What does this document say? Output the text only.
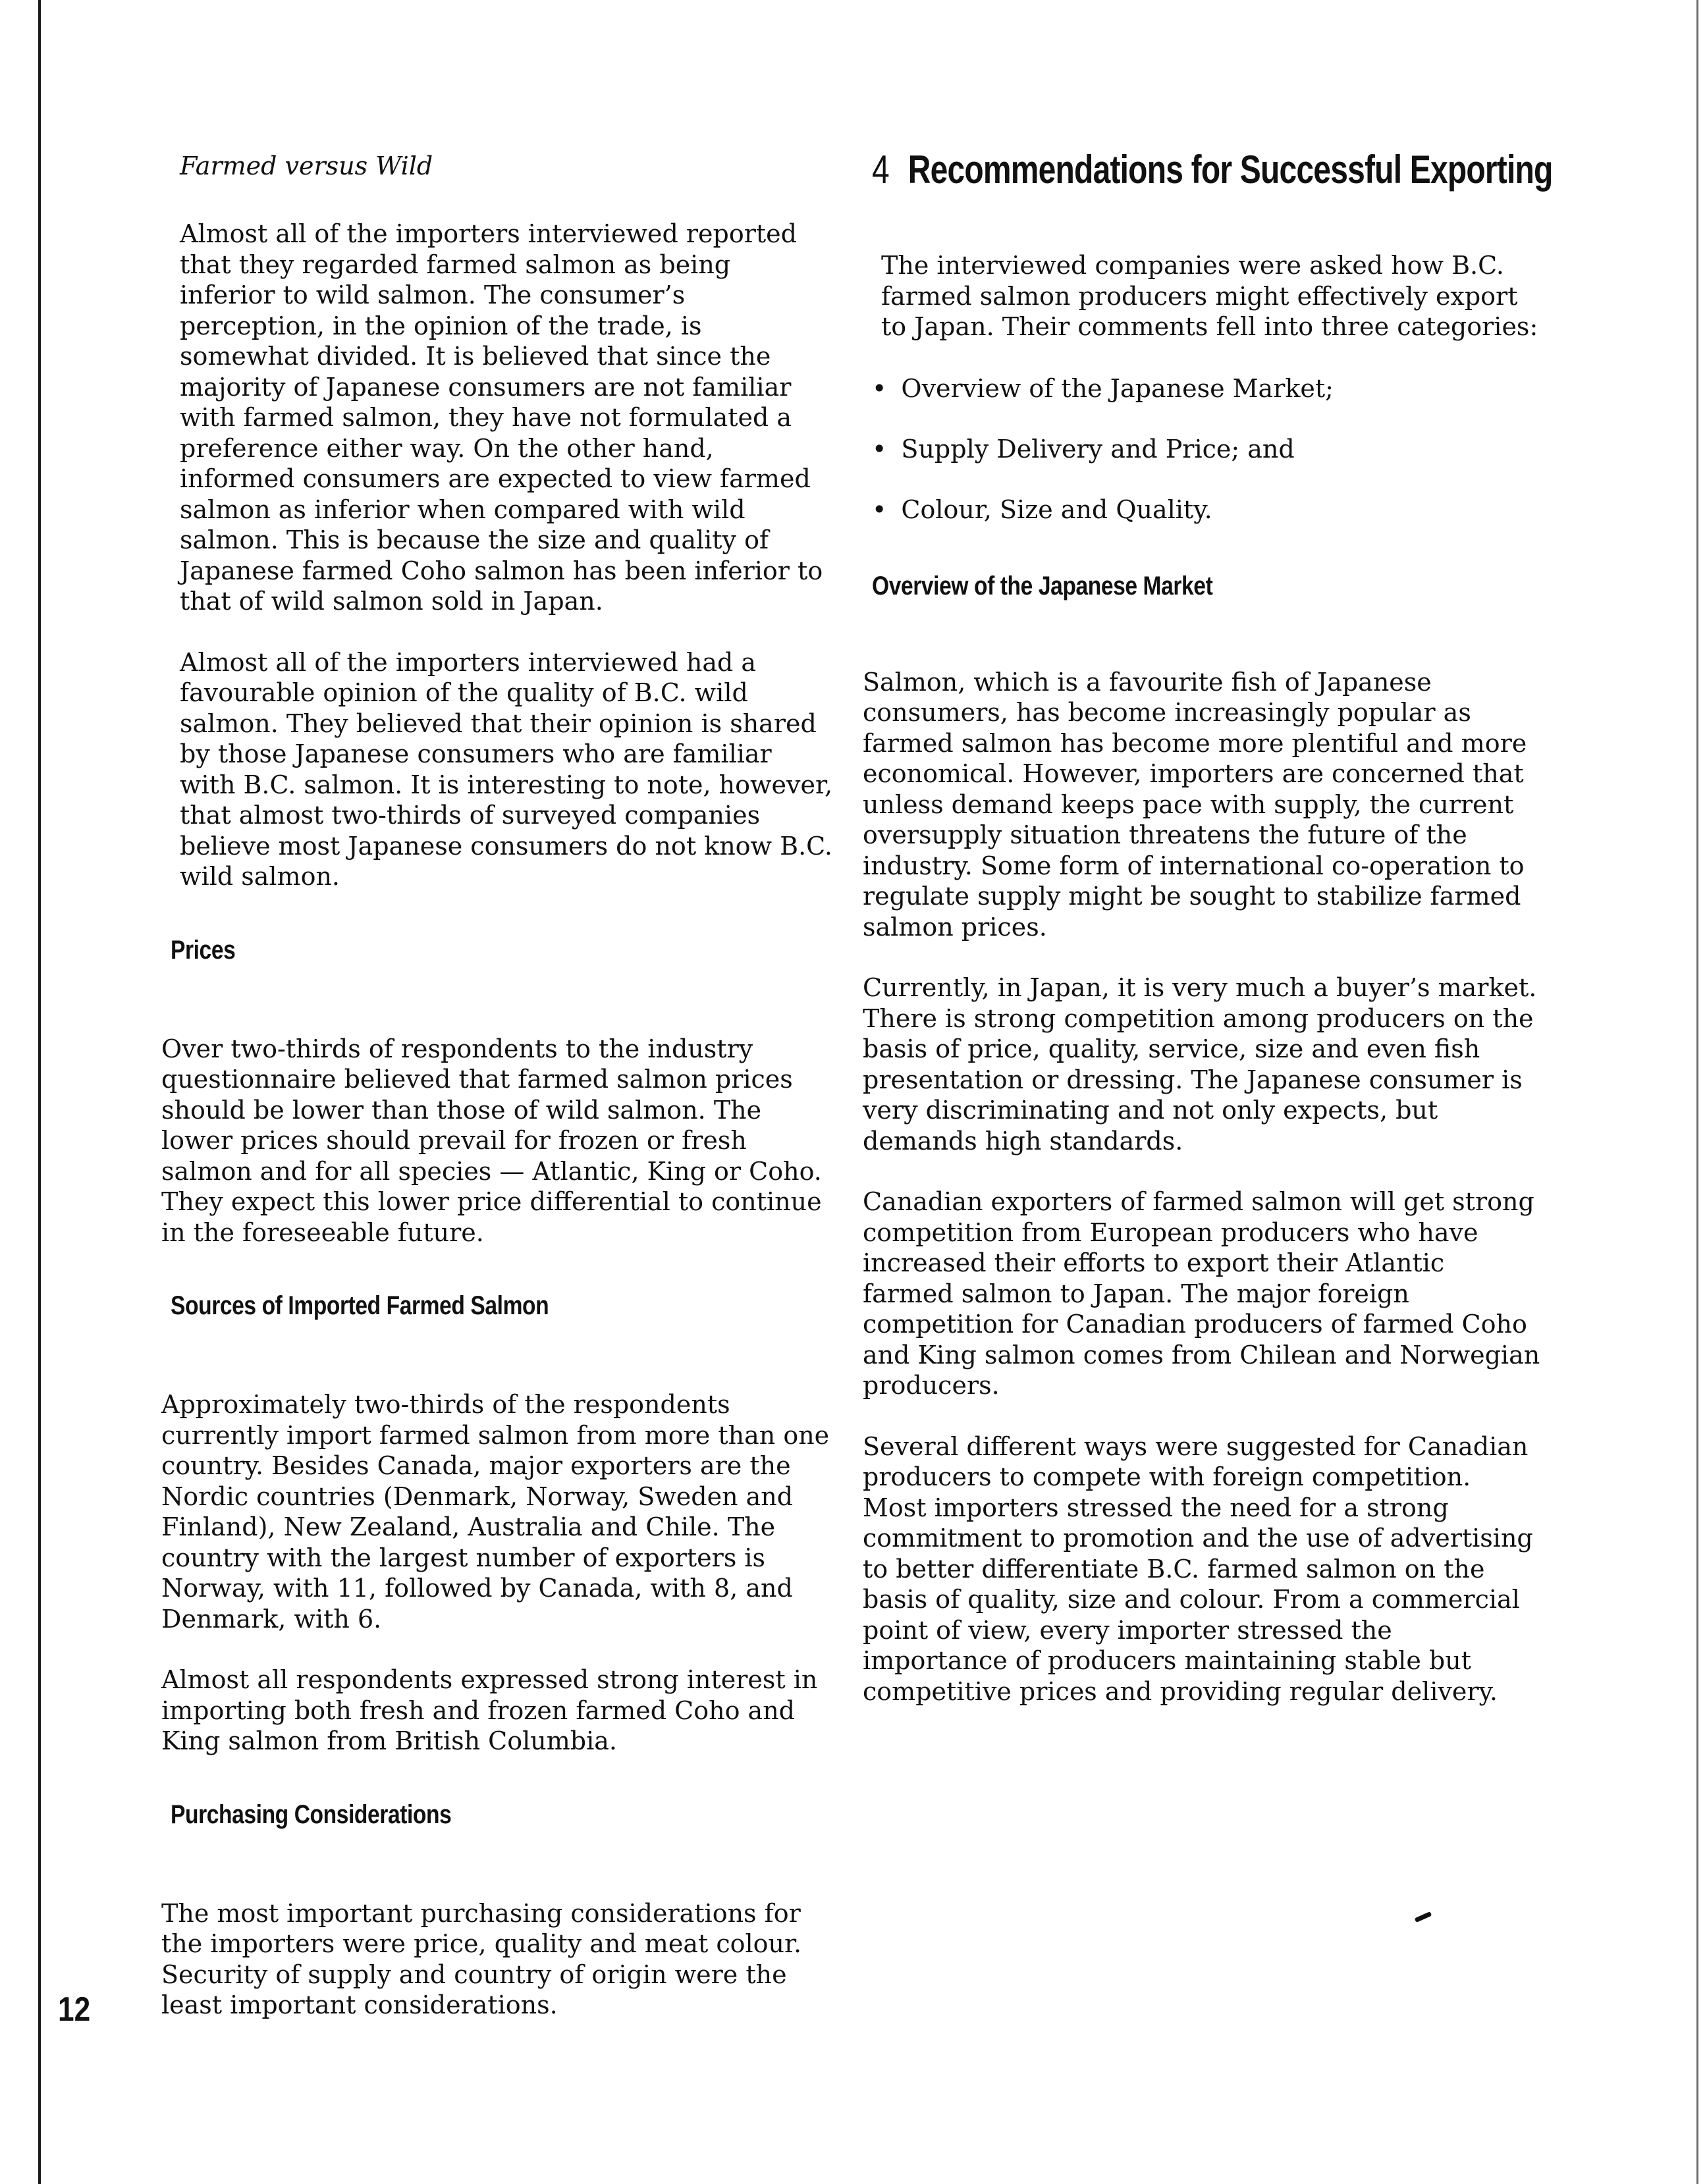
Farmed versus Wild

Almost all of the importers interviewed reported that they regarded farmed salmon as being inferior to wild salmon. The consumer’s perception, in the opinion of the trade, is somewhat divided. It is believed that since the majority of Japanese consumers are not familiar with farmed salmon, they have not formulated a preference either way. On the other hand, informed consumers are expected to view farmed salmon as inferior when compared with wild salmon. This is because the size and quality of Japanese farmed Coho salmon has been inferior to that of wild salmon sold in Japan.

Almost all of the importers interviewed had a favourable opinion of the quality of B.C. wild salmon. They believed that their opinion is shared by those Japanese consumers who are familiar with B.C. salmon. It is interesting to note, however, that almost two-thirds of surveyed companies believe most Japanese consumers do not know B.C. wild salmon.

Prices

Over two-thirds of respondents to the industry questionnaire believed that farmed salmon prices should be lower than those of wild salmon. The lower prices should prevail for frozen or fresh salmon and for all species — Atlantic, King or Coho. They expect this lower price differential to continue in the foreseeable future.

Sources of Imported Farmed Salmon

Approximately two-thirds of the respondents currently import farmed salmon from more than one country. Besides Canada, major exporters are the Nordic countries (Denmark, Norway, Sweden and Finland), New Zealand, Australia and Chile. The country with the largest number of exporters is Norway, with 11, followed by Canada, with 8, and Denmark, with 6.

Almost all respondents expressed strong interest in importing both fresh and frozen farmed Coho and King salmon from British Columbia.

Purchasing Considerations

The most important purchasing considerations for the importers were price, quality and meat colour. Security of supply and country of origin were the least important considerations.

4 Recommendations for Successful Exporting

The interviewed companies were asked how B.C. farmed salmon producers might effectively export to Japan. Their comments fell into three categories:

• Overview of the Japanese Market;
• Supply Delivery and Price; and
• Colour, Size and Quality.
Overview of the Japanese Market

Salmon, which is a favourite fish of Japanese consumers, has become increasingly popular as farmed salmon has become more plentiful and more economical. However, importers are concerned that unless demand keeps pace with supply, the current oversupply situation threatens the future of the industry. Some form of international co-operation to regulate supply might be sought to stabilize farmed salmon prices.

Currently, in Japan, it is very much a buyer’s market. There is strong competition among producers on the basis of price, quality, service, size and even fish presentation or dressing. The Japanese consumer is very discriminating and not only expects, but demands high standards.

Canadian exporters of farmed salmon will get strong competition from European producers who have increased their efforts to export their Atlantic farmed salmon to Japan. The major foreign competition for Canadian producers of farmed Coho and King salmon comes from Chilean and Norwegian producers.

Several different ways were suggested for Canadian producers to compete with foreign competition. Most importers stressed the need for a strong commitment to promotion and the use of advertising to better differentiate B.C. farmed salmon on the basis of quality, size and colour. From a commercial point of view, every importer stressed the importance of producers maintaining stable but competitive prices and providing regular delivery.

12
